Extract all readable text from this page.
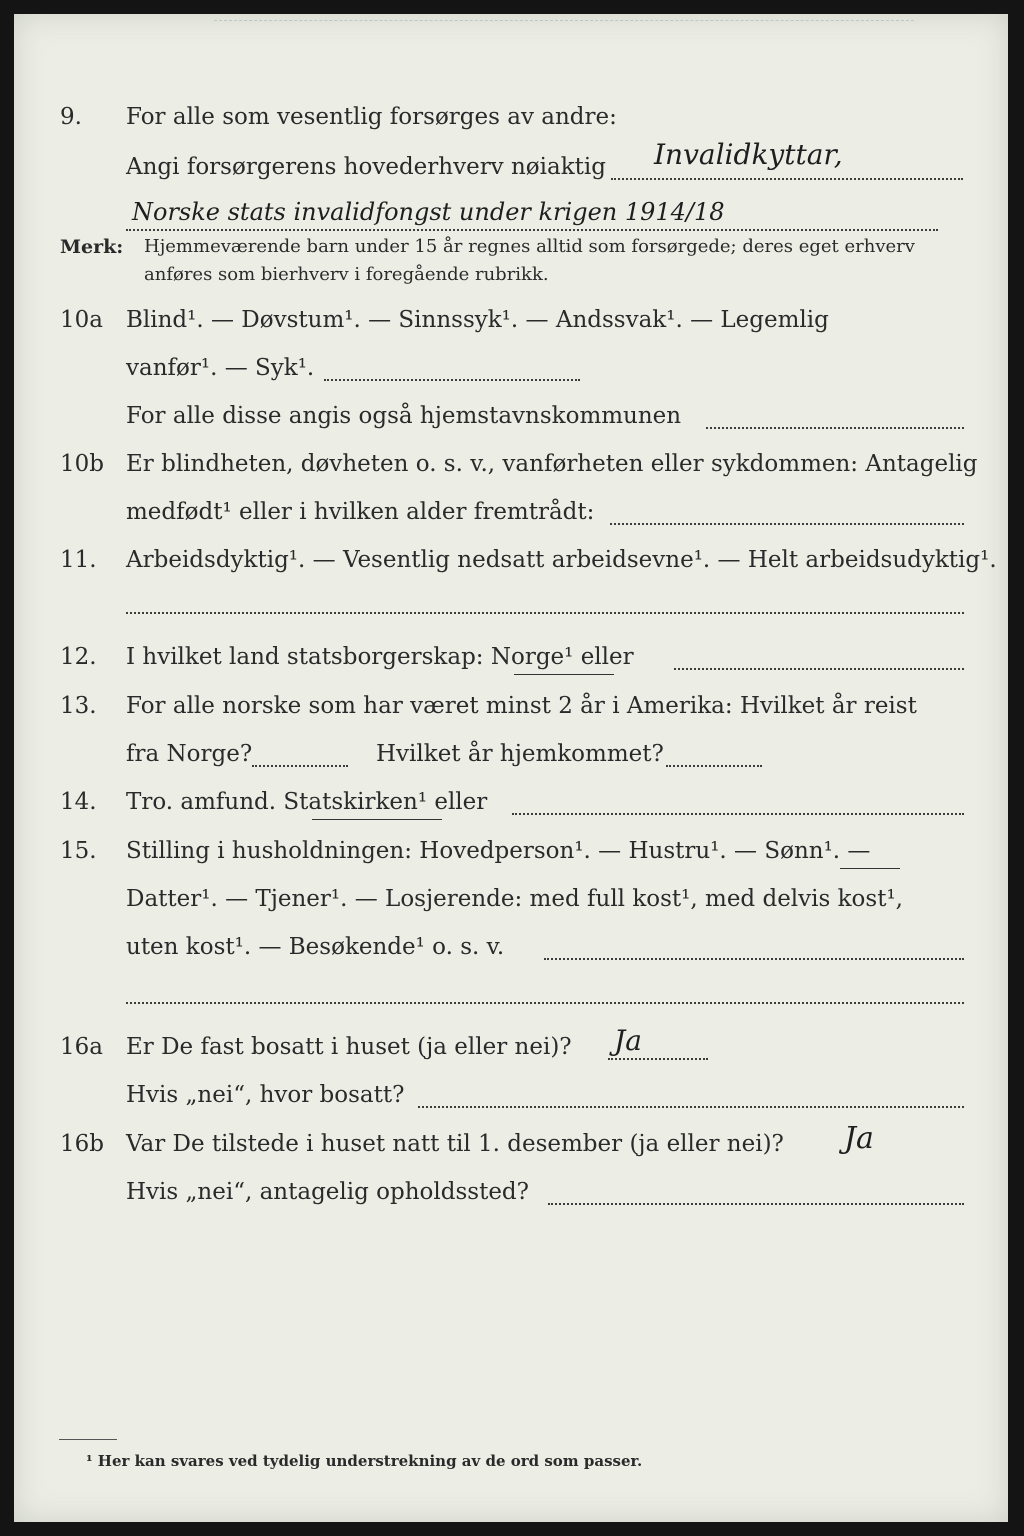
9.	For alle som vesentlig forsørges av andre:
Angi forsørgerens hovederhverv nøiaktig Invalidkyttar,
Norske stats invalidfongst under krigen 1914/18
Merk: Hjemmeværende barn under 15 år regnes alltid som forsørgede; deres eget erhverv
anføres som bierhverv i foregående rubrikk.
10a	Blind¹. — Døvstum¹. — Sinnssyk¹. — Andssvak¹. — Legemlig
vanfør¹. — Syk¹.
For alle disse angis også hjemstavnskommunen
10b Er blindheten, døvheten o. s. v., vanførheten eller sykdommen: Antagelig
medfødt¹ eller i hvilken alder fremtrådt:
11.	Arbeidsdyktig¹. — Vesentlig nedsatt arbeidsevne¹. — Helt arbeidsudyktig¹.
12.	I hvilket land statsborgerskap: Norge¹ eller
13.	For alle norske som har været minst 2 år i Amerika: Hvilket år reist
fra Norge?	Hvilket år hjemkommet?
14.	Tro. amfund. Statskirken¹ eller
15.	Stilling i husholdningen: Hovedperson¹. — Hustru¹. — Sønn¹. —
Datter¹. — Tjener¹. — Losjerende: med full kost¹, med delvis kost¹,
uten kost¹. — Besøkende¹ o. s. v.
16a	Er De fast bosatt i huset (ja eller nei)? Ja
Hvis „nei“, hvor bosatt?
16b Var De tilstede i huset natt til 1. desember (ja eller nei)? Ja
Hvis „nei“, antagelig opholdssted?
¹ Her kan svares ved tydelig understrekning av de ord som passer.
